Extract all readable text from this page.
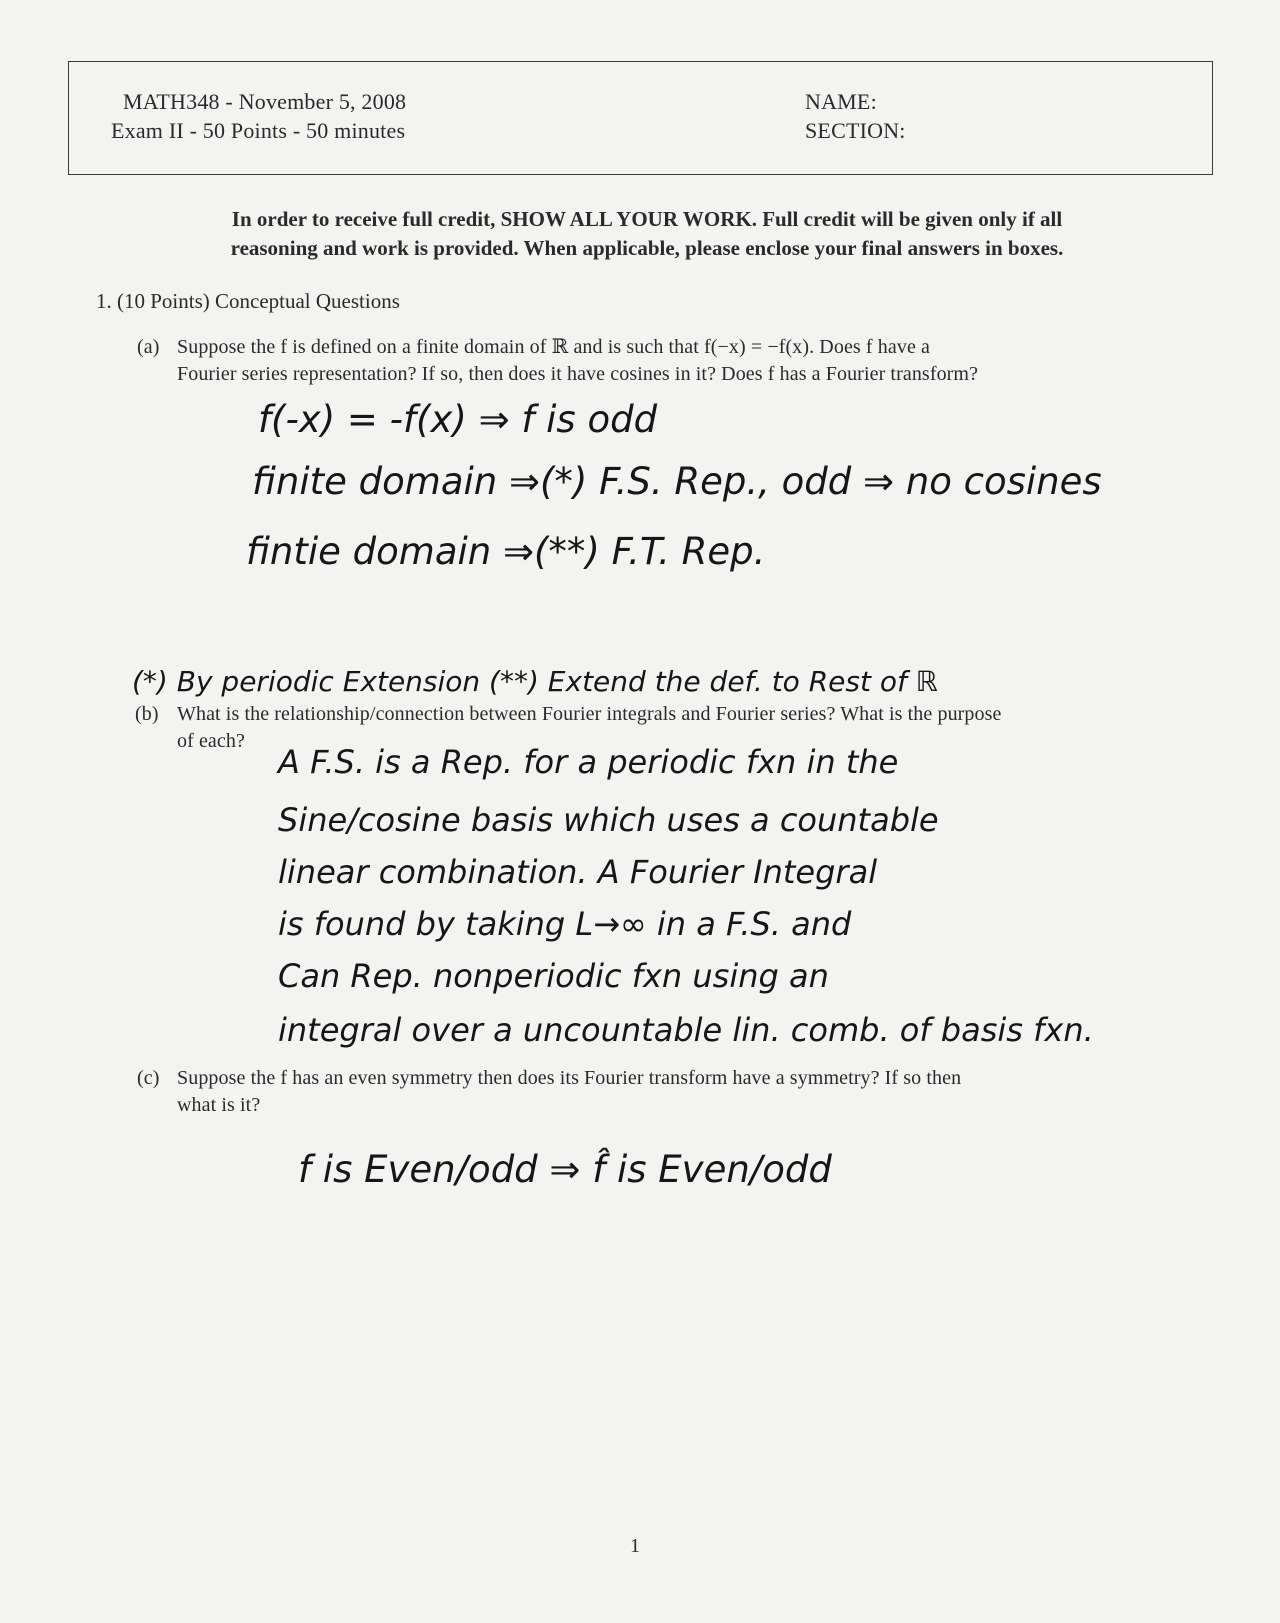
MATH348 - November 5, 2008
Exam II - 50 Points - 50 minutes
NAME:
SECTION:
In order to receive full credit, SHOW ALL YOUR WORK. Full credit will be given only if all
reasoning and work is provided. When applicable, please enclose your final answers in boxes.
1. (10 Points) Conceptual Questions
(a) Suppose the f is defined on a finite domain of ℝ and is such that f(−x) = −f(x). Does f have a
Fourier series representation? If so, then does it have cosines in it? Does f has a Fourier transform?
f(-x) = -f(x) ⇒ f is odd
finite domain ⇒(*) F.S. Rep., odd ⇒ no cosines
fintie domain ⇒(**) F.T. Rep.
(*) By periodic Extension (**) Extend the def. to Rest of ℝ
(b) What is the relationship/connection between Fourier integrals and Fourier series? What is the purpose
of each?
A F.S. is a Rep. for a periodic fxn in the
Sine/cosine basis which uses a countable
linear combination. A Fourier Integral
is found by taking L→∞ in a F.S. and
Can Rep. nonperiodic fxn using an
integral over a uncountable lin. comb. of basis fxn.
(c) Suppose the f has an even symmetry then does its Fourier transform have a symmetry? If so then
what is it?
f is Even/odd ⇒ f̂ is Even/odd
1
